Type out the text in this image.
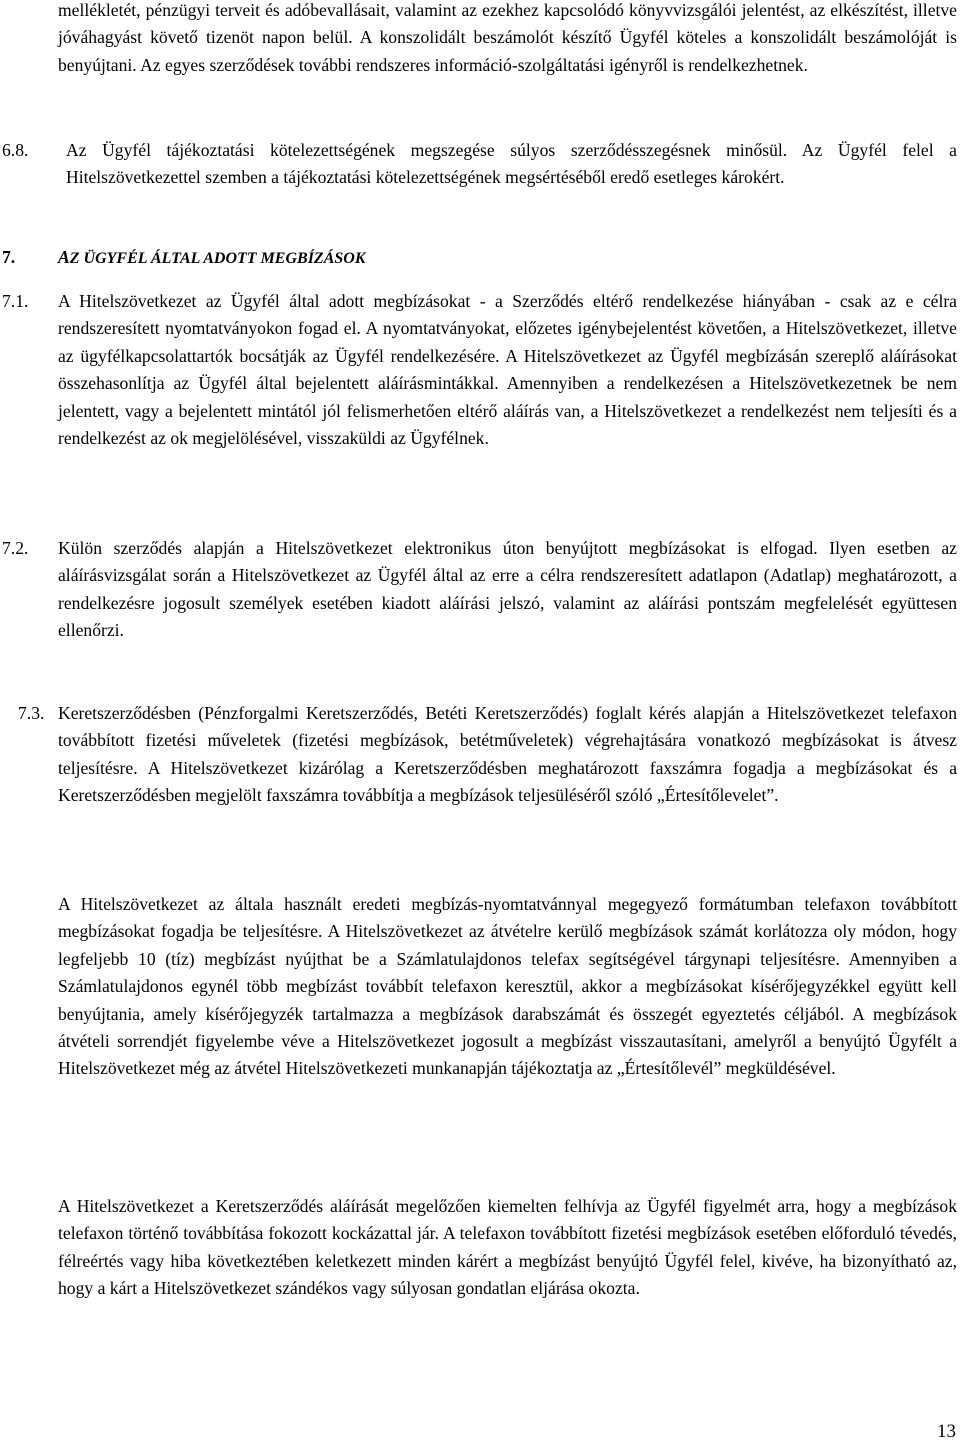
mellékletét, pénzügyi terveit és adóbevallásait, valamint az ezekhez kapcsolódó könyvvizsgálói jelentést, az elkészítést, illetve jóváhagyást követő tizenöt napon belül. A konszolidált beszámolót készítő Ügyfél köteles a konszolidált beszámolóját is benyújtani. Az egyes szerződések további rendszeres információ-szolgáltatási igényről is rendelkezhetnek.

6.8. Az Ügyfél tájékoztatási kötelezettségének megszegése súlyos szerződésszegésnek minősül. Az Ügyfél felel a Hitelszövetkezettel szemben a tájékoztatási kötelezettségének megsértéséből eredő esetleges károkért.

7. AZ ÜGYFÉL ÁLTAL ADOTT MEGBÍZÁSOK

7.1. A Hitelszövetkezet az Ügyfél által adott megbízásokat - a Szerződés eltérő rendelkezése hiányában - csak az e célra rendszeresített nyomtatványokon fogad el. A nyomtatványokat, előzetes igénybejelentést követően, a Hitelszövetkezet, illetve az ügyfélkapcsolattartók bocsátják az Ügyfél rendelkezésére. A Hitelszövetkezet az Ügyfél megbízásán szereplő aláírásokat összehasonlítja az Ügyfél által bejelentett aláírásmintákkal. Amennyiben a rendelkezésen a Hitelszövetkezetnek be nem jelentett, vagy a bejelentett mintától jól felismerhetően eltérő aláírás van, a Hitelszövetkezet a rendelkezést nem teljesíti és a rendelkezést az ok megjelölésével, visszaküldi az Ügyfélnek.

7.2. Külön szerződés alapján a Hitelszövetkezet elektronikus úton benyújtott megbízásokat is elfogad. Ilyen esetben az aláírásvizsgálat során a Hitelszövetkezet az Ügyfél által az erre a célra rendszeresített adatlapon (Adatlap) meghatározott, a rendelkezésre jogosult személyek esetében kiadott aláírási jelszó, valamint az aláírási pontszám megfelelését együttesen ellenőrzi.

7.3. Keretszerződésben (Pénzforgalmi Keretszerződés, Betéti Keretszerződés) foglalt kérés alapján a Hitelszövetkezet telefaxon továbbított fizetési műveletek (fizetési megbízások, betétműveletek) végrehajtására vonatkozó megbízásokat is átvesz teljesítésre. A Hitelszövetkezet kizárólag a Keretszerződésben meghatározott faxszámra fogadja a megbízásokat és a Keretszerződésben megjelölt faxszámra továbbítja a megbízások teljesüléséről szóló „Értesítőlevelet”.

A Hitelszövetkezet az általa használt eredeti megbízás-nyomtatvánnyal megegyező formátumban telefaxon továbbított megbízásokat fogadja be teljesítésre. A Hitelszövetkezet az átvételre kerülő megbízások számát korlátozza oly módon, hogy legfeljebb 10 (tíz) megbízást nyújthat be a Számlatulajdonos telefax segítségével tárgynapi teljesítésre. Amennyiben a Számlatulajdonos egynél több megbízást továbbít telefaxon keresztül, akkor a megbízásokat kísérőjegyzékkel együtt kell benyújtania, amely kísérőjegyzék tartalmazza a megbízások darabszámát és összegét egyeztetés céljából. A megbízások átvételi sorrendjét figyelembe véve a Hitelszövetkezet jogosult a megbízást visszautasítani, amelyről a benyújtó Ügyfélt a Hitelszövetkezet még az átvétel Hitelszövetkezeti munkanapján tájékoztatja az „Értesítőlevél” megküldésével.

A Hitelszövetkezet a Keretszerződés aláírását megelőzően kiemelten felhívja az Ügyfél figyelmét arra, hogy a megbízások telefaxon történő továbbítása fokozott kockázattal jár. A telefaxon továbbított fizetési megbízások esetében előforduló tévedés, félreértés vagy hiba következtében keletkezett minden kárért a megbízást benyújtó Ügyfél felel, kivéve, ha bizonyítható az, hogy a kárt a Hitelszövetkezet szándékos vagy súlyosan gondatlan eljárása okozta.

13
